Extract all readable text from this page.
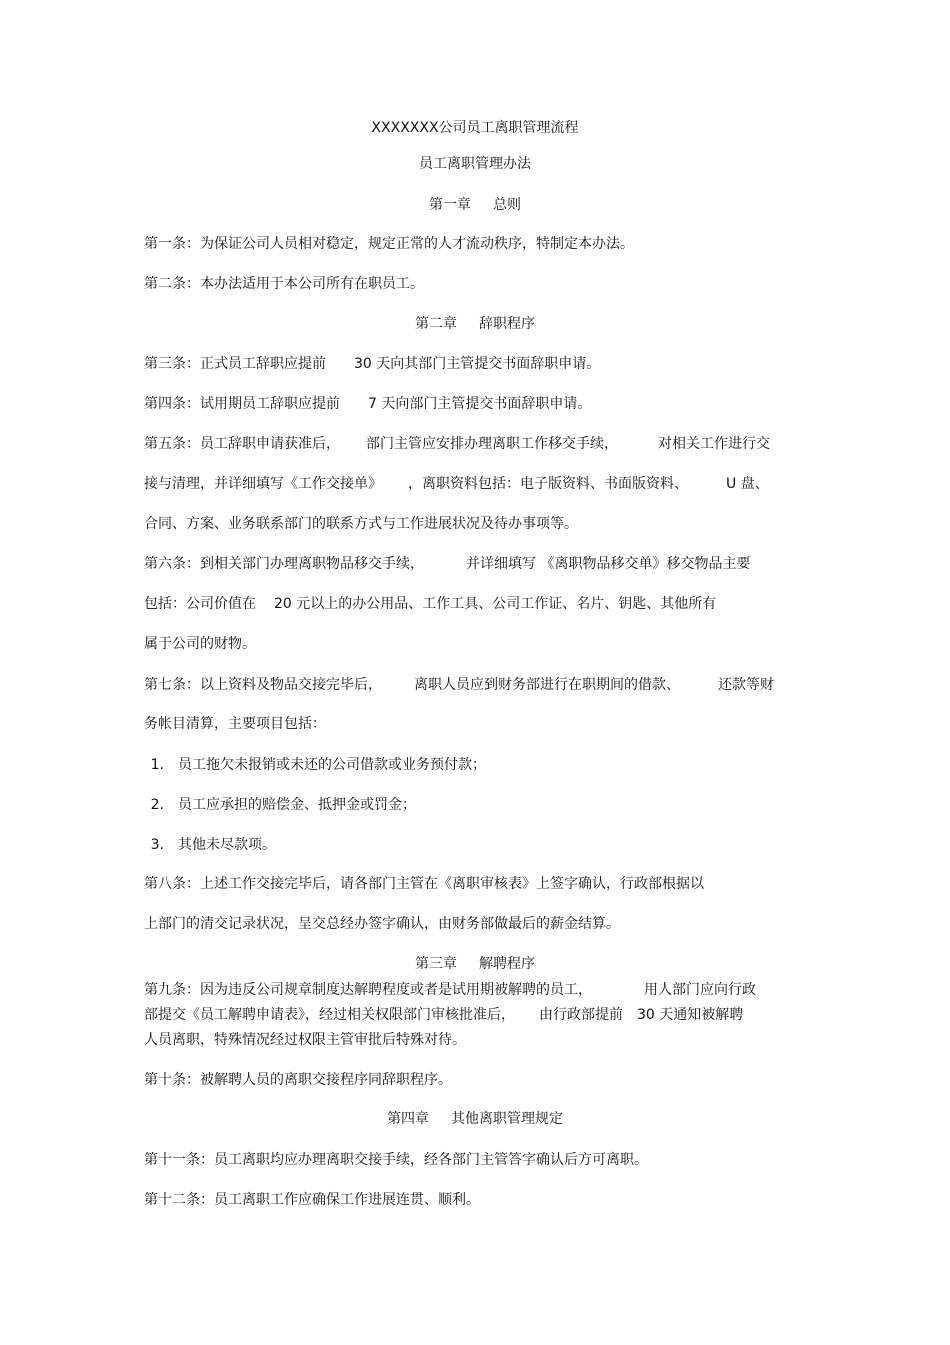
XXXXXXX公司员工离职管理流程
员工离职管理办法
第一章 总则
第一条：为保证公司人员相对稳定，规定正常的人才流动秩序，特制定本办法。
第二条：本办法适用于本公司所有在职员工。
第二章 辞职程序
第三条：正式员工辞职应提前 30 天向其部门主管提交书面辞职申请。
第四条：试用期员工辞职应提前 7 天向部门主管提交书面辞职申请。
第五条：员工辞职申请获准后， 部门主管应安排办理离职工作移交手续，	对相关工作进行交
接与清理，并详细填写《工作交接单》 ，离职资料包括：电子版资料、书面版资料、	U 盘、
合同、方案、业务联系部门的联系方式与工作进展状况及待办事项等。
第六条：到相关部门办理离职物品移交手续，	并详细填写 《离职物品移交单》移交物品主要
包括：公司价值在 20 元以上的办公用品、工作工具、公司工作证、名片、钥匙、其他所有
属于公司的财物。
第七条：以上资料及物品交接完毕后， 离职人员应到财务部进行在职期间的借款、	还款等财
务帐目清算，主要项目包括：
1. 员工拖欠未报销或未还的公司借款或业务预付款；
2. 员工应承担的赔偿金、抵押金或罚金；
3. 其他未尽款项。
第八条：上述工作交接完毕后，请各部门主管在《离职审核表》上签字确认，行政部根据以
上部门的清交记录状况，呈交总经办签字确认，由财务部做最后的薪金结算。
第三章 解聘程序
第九条：因为违反公司规章制度达解聘程度或者是试用期被解聘的员工，	用人部门应向行政
部提交《员工解聘申请表》，经过相关权限部门审核批准后， 由行政部提前 30 天通知被解聘
人员离职，特殊情况经过权限主管审批后特殊对待。
第十条：被解聘人员的离职交接程序同辞职程序。
第四章 其他离职管理规定
第十一条：员工离职均应办理离职交接手续，经各部门主管答字确认后方可离职。
第十二条：员工离职工作应确保工作进展连贯、顺利。
